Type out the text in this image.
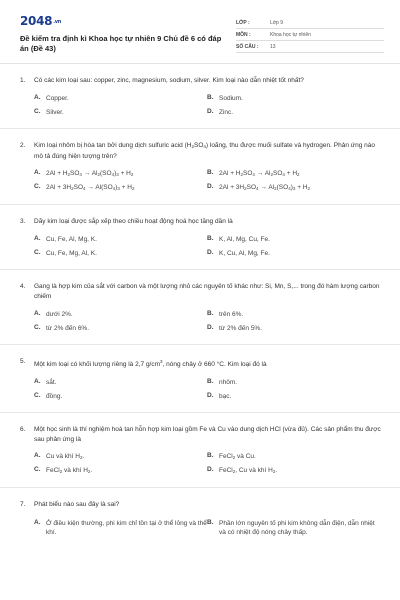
2048.vn
Đề kiểm tra định kì Khoa học tự nhiên 9 Chủ đề 6 có đáp án (Đề 43)
LỚP :	Lớp 9
MÔN :	Khoa học tự nhiên
SỐ CÂU :	13
1.	Có các kim loại sau: copper, zinc, magnesium, sodium, silver. Kim loại nào dẫn nhiệt tốt nhất?
A. Copper.	B. Sodium.
C. Silver.	D. Zinc.
2.	Kim loại nhôm bị hòa tan bởi dung dịch sulfuric acid $(H_2SO_4)$ loãng, thu được muối sulfate và hydrogen. Phản ứng nào mô tả đúng hiện tượng trên?
A. $2Al + H_2SO_4 \to Al_2(SO_4)_3 + H_2$	B. $2Al + H_2SO_4 \to Al_2SO_4 + H_2$
C. $2Al + 3H_2SO_4 \to Al(SO_4)_3 + H_2$	D. $2Al + 3H_2SO_4 \to Al_2(SO_4)_3 + H_2$
3.	Dãy kim loại được sắp xếp theo chiều hoạt động hoá học tăng dần là
A. Cu, Fe, Al, Mg, K.	B. K, Al, Mg, Cu, Fe.
C. Cu, Fe, Mg, Al, K.	D. K, Cu, Al, Mg, Fe.
4.	Gang là hợp kim của sắt với carbon và một lượng nhỏ các nguyên tố khác như: Si, Mn, S,... trong đó hàm lượng carbon chiếm
A. dưới 2%.	B. trên 6%.
C. từ 2% đến 6%.	D. từ 2% đến 5%.
5.	Một kim loại có khối lượng riêng là 2,7 $g/cm^3$, nóng chảy ở 660 °C. Kim loại đó là
A. sắt.	B. nhôm.
C. đồng.	D. bạc.
6.	Một học sinh là thí nghiệm hoà tan hỗn hợp kim loại gồm Fe và Cu vào dung dịch HCl (vừa đủ). Các sản phẩm thu được sau phản ứng là
A. Cu và khí $H_2$.	B. FeCl$_2$ và Cu.
C. FeCl$_2$ và khí $H_2$.	D. FeCl$_2$, Cu và khí $H_2$.
7.	Phát biểu nào sau đây là sai?
A. Ở điều kiện thường, phi kim chỉ tồn tại ở thể lỏng và thể khí.
B. Phần lớn nguyên tố phi kim không dẫn điện, dẫn nhiệt và có nhiệt độ nóng chảy thấp.
